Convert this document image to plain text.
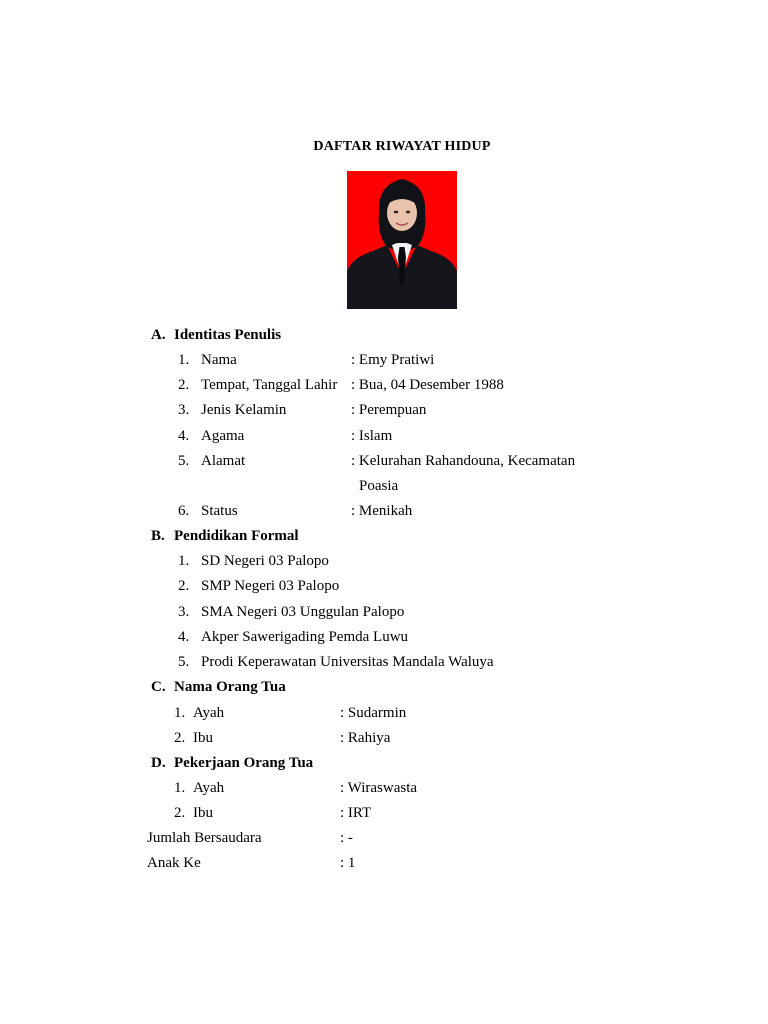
DAFTAR RIWAYAT HIDUP
A. Identitas Penulis
1. Nama	: Emy Pratiwi
2. Tempat, Tanggal Lahir : Bua, 04 Desember 1988
3. Jenis Kelamin	: Perempuan
4. Agama	: Islam
5. Alamat	: Kelurahan Rahandouna, Kecamatan
Poasia
6. Status	: Menikah
B. Pendidikan Formal
1. SD Negeri 03 Palopo
2. SMP Negeri 03 Palopo
3. SMA Negeri 03 Unggulan Palopo
4. Akper Sawerigading Pemda Luwu
5. Prodi Keperawatan Universitas Mandala Waluya
C. Nama Orang Tua
1. Ayah	: Sudarmin
2. Ibu	: Rahiya
D. Pekerjaan Orang Tua
1. Ayah	: Wiraswasta
2. Ibu	: IRT
Jumlah Bersaudara	: -
Anak Ke	: 1
